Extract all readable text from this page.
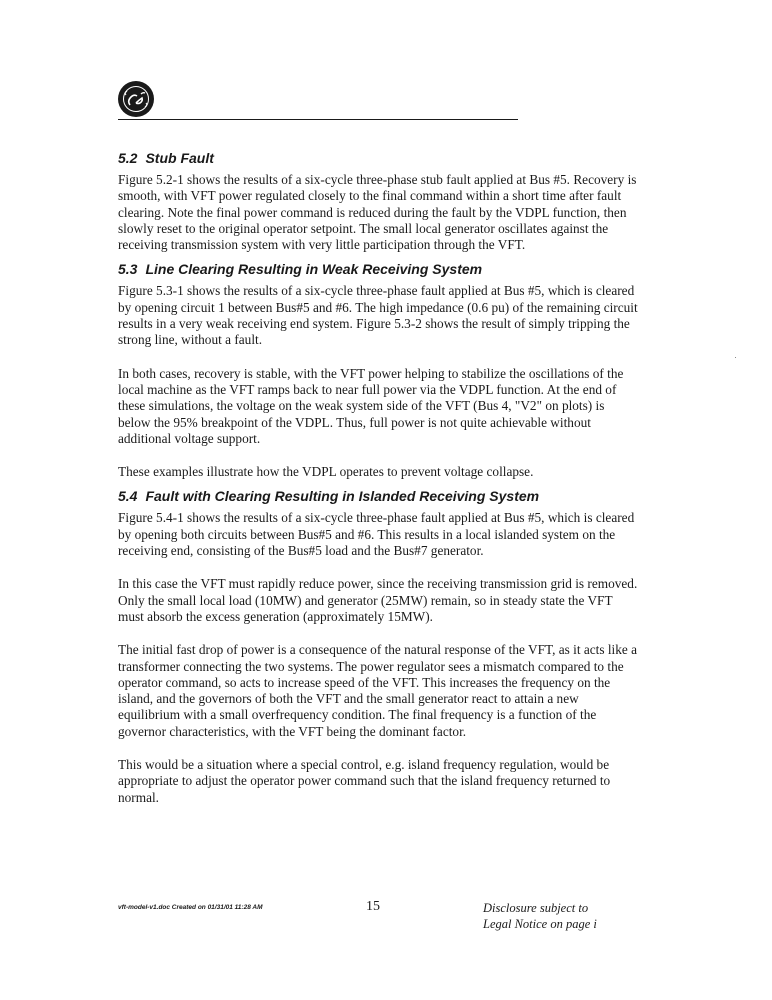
5.2 Stub Fault

Figure 5.2-1 shows the results of a six-cycle three-phase stub fault applied at Bus #5. Recovery is smooth, with VFT power regulated closely to the final command within a short time after fault clearing. Note the final power command is reduced during the fault by the VDPL function, then slowly reset to the original operator setpoint. The small local generator oscillates against the receiving transmission system with very little participation through the VFT.

5.3 Line Clearing Resulting in Weak Receiving System

Figure 5.3-1 shows the results of a six-cycle three-phase fault applied at Bus #5, which is cleared by opening circuit 1 between Bus#5 and #6. The high impedance (0.6 pu) of the remaining circuit results in a very weak receiving end system. Figure 5.3-2 shows the result of simply tripping the strong line, without a fault.

In both cases, recovery is stable, with the VFT power helping to stabilize the oscillations of the local machine as the VFT ramps back to near full power via the VDPL function. At the end of these simulations, the voltage on the weak system side of the VFT (Bus 4, "V2" on plots) is below the 95% breakpoint of the VDPL. Thus, full power is not quite achievable without additional voltage support.

These examples illustrate how the VDPL operates to prevent voltage collapse.

5.4 Fault with Clearing Resulting in Islanded Receiving System

Figure 5.4-1 shows the results of a six-cycle three-phase fault applied at Bus #5, which is cleared by opening both circuits between Bus#5 and #6. This results in a local islanded system on the receiving end, consisting of the Bus#5 load and the Bus#7 generator.

In this case the VFT must rapidly reduce power, since the receiving transmission grid is removed. Only the small local load (10MW) and generator (25MW) remain, so in steady state the VFT must absorb the excess generation (approximately 15MW).

The initial fast drop of power is a consequence of the natural response of the VFT, as it acts like a transformer connecting the two systems. The power regulator sees a mismatch compared to the operator command, so acts to increase speed of the VFT. This increases the frequency on the island, and the governors of both the VFT and the small generator react to attain a new equilibrium with a small overfrequency condition. The final frequency is a function of the governor characteristics, with the VFT being the dominant factor.

This would be a situation where a special control, e.g. island frequency regulation, would be appropriate to adjust the operator power command such that the island frequency returned to normal.

vft-model-v1.doc Created on 01/31/01 11:28 AM	15	Disclosure subject to
Legal Notice on page i
